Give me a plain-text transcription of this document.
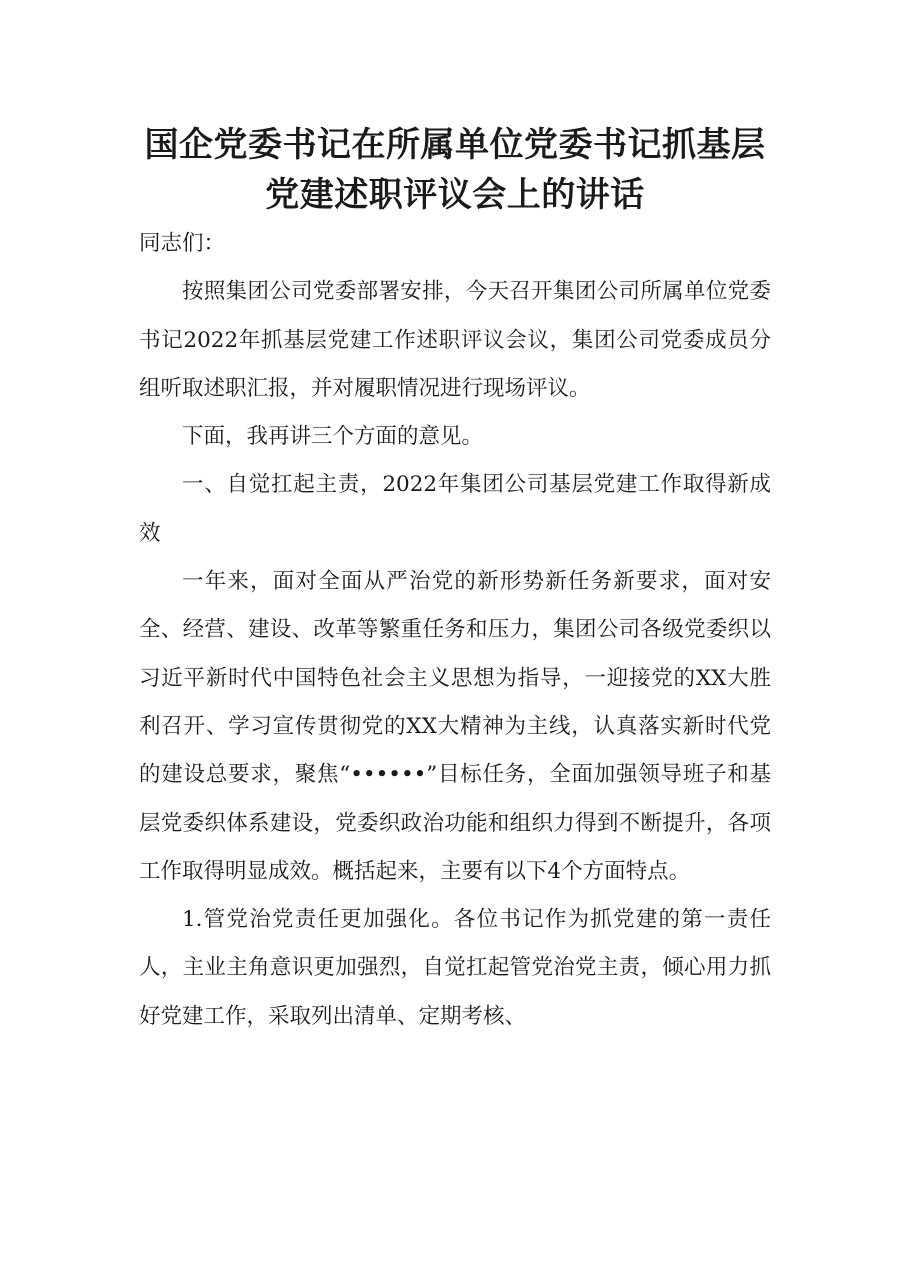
国企党委书记在所属单位党委书记抓基层
党建述职评议会上的讲话

同志们：

按照集团公司党委部署安排，今天召开集团公司所属单位党委书记2022年抓基层党建工作述职评议会议，集团公司党委成员分组听取述职汇报，并对履职情况进行现场评议。

下面，我再讲三个方面的意见。

一、自觉扛起主责，2022年集团公司基层党建工作取得新成效

一年来，面对全面从严治党的新形势新任务新要求，面对安全、经营、建设、改革等繁重任务和压力，集团公司各级党委织以习近平新时代中国特色社会主义思想为指导，一迎接党的XX大胜利召开、学习宣传贯彻党的XX大精神为主线，认真落实新时代党的建设总要求，聚焦“••••••”目标任务，全面加强领导班子和基层党委织体系建设，党委织政治功能和组织力得到不断提升，各项工作取得明显成效。概括起来，主要有以下4个方面特点。

1.管党治党责任更加强化。各位书记作为抓党建的第一责任人，主业主角意识更加强烈，自觉扛起管党治党主责，倾心用力抓好党建工作，采取列出清单、定期考核、
